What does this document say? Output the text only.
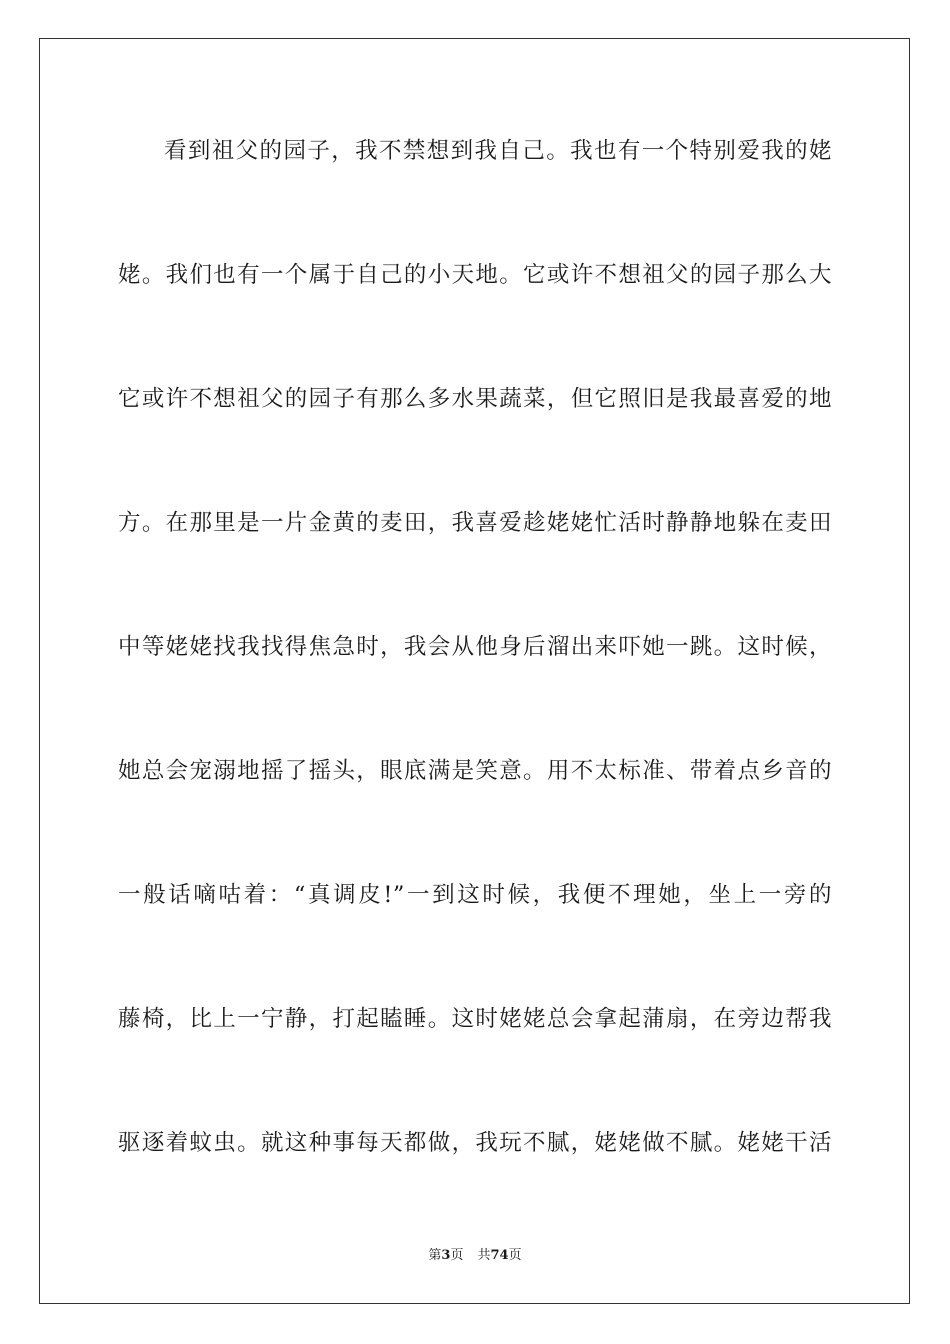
看到祖父的园子，我不禁想到我自己。我也有一个特别爱我的姥
姥。我们也有一个属于自己的小天地。它或许不想祖父的园子那么大
它或许不想祖父的园子有那么多水果蔬菜，但它照旧是我最喜爱的地
方。在那里是一片金黄的麦田，我喜爱趁姥姥忙活时静静地躲在麦田
中等姥姥找我找得焦急时，我会从他身后溜出来吓她一跳。这时候，
她总会宠溺地摇了摇头，眼底满是笑意。用不太标准、带着点乡音的
一般话嘀咕着：“真调皮!”一到这时候，我便不理她，坐上一旁的
藤椅，比上一宁静，打起瞌睡。这时姥姥总会拿起蒲扇，在旁边帮我
驱逐着蚊虫。就这种事每天都做，我玩不腻，姥姥做不腻。姥姥干活
第3页 共74页
